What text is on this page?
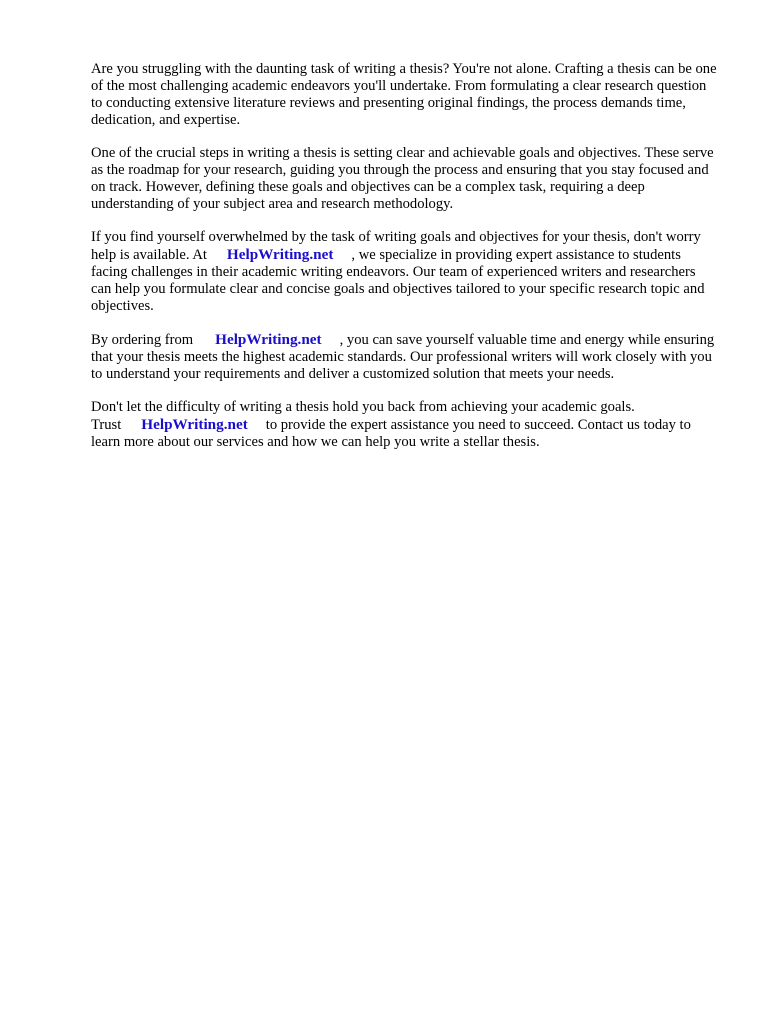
Are you struggling with the daunting task of writing a thesis? You're not alone. Crafting a thesis can be one of the most challenging academic endeavors you'll undertake. From formulating a clear research question to conducting extensive literature reviews and presenting original findings, the process demands time, dedication, and expertise.

One of the crucial steps in writing a thesis is setting clear and achievable goals and objectives. These serve as the roadmap for your research, guiding you through the process and ensuring that you stay focused and on track. However, defining these goals and objectives can be a complex task, requiring a deep understanding of your subject area and research methodology.

If you find yourself overwhelmed by the task of writing goals and objectives for your thesis, don't worry    help is available. At HelpWriting.net , we specialize in providing expert assistance to students facing challenges in their academic writing endeavors. Our team of experienced writers and researchers can help you formulate clear and concise goals and objectives tailored to your specific research topic and objectives.

By ordering from HelpWriting.net , you can save yourself valuable time and energy while ensuring that your thesis meets the highest academic standards. Our professional writers will work closely with you to understand your requirements and deliver a customized solution that meets your needs.

Don't let the difficulty of writing a thesis hold you back from achieving your academic goals. Trust HelpWriting.net to provide the expert assistance you need to succeed. Contact us today to learn more about our services and how we can help you write a stellar thesis.
